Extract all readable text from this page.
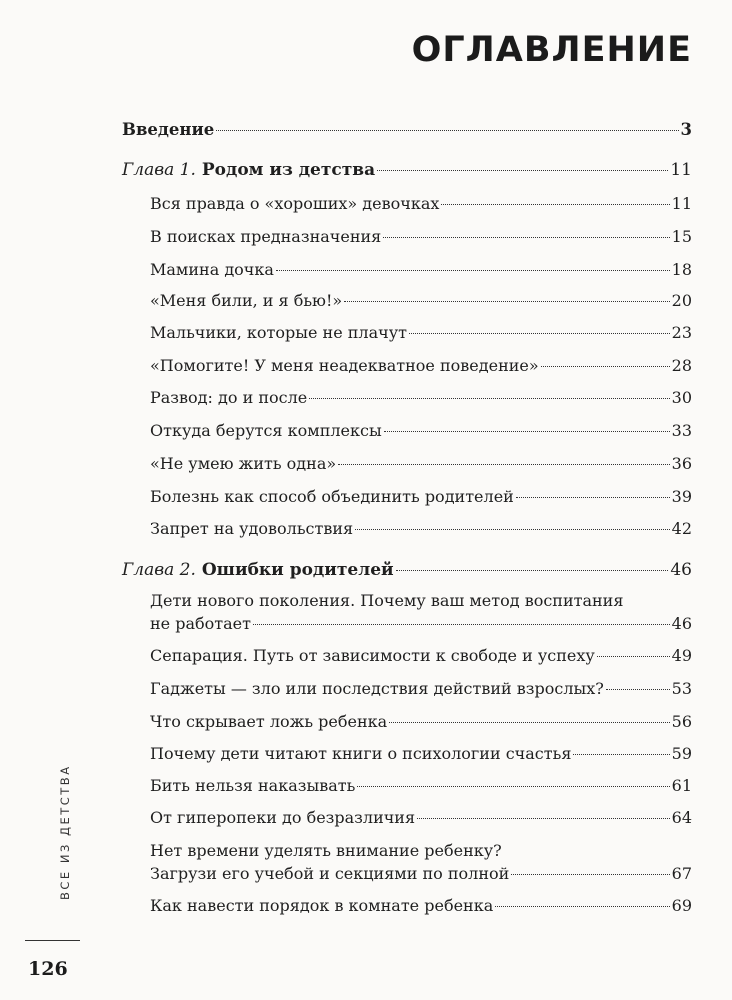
ОГЛАВЛЕНИЕ
Введение	3
Глава 1. Родом из детства	11
Вся правда о «хороших» девочках	11
В поисках предназначения	15
Мамина дочка	18
«Меня били, и я бью!»	20
Мальчики, которые не плачут	23
«Помогите! У меня неадекватное поведение»	28
Развод: до и после	30
Откуда берутся комплексы	33
«Не умею жить одна»	36
Болезнь как способ объединить родителей	39
Запрет на удовольствия	42
Глава 2. Ошибки родителей	46
Дети нового поколения. Почему ваш метод воспитания
не работает	46
Сепарация. Путь от зависимости к свободе и успеху	49
Гаджеты — зло или последствия действий взрослых?	53
Что скрывает ложь ребенка	56
Почему дети читают книги о психологии счастья	59
Бить нельзя наказывать	61
От гиперопеки до безразличия	64
Нет времени уделять внимание ребенку?
Загрузи его учебой и секциями по полной	67
Как навести порядок в комнате ребенка	69
ВСЕ ИЗ ДЕТСТВА
126
